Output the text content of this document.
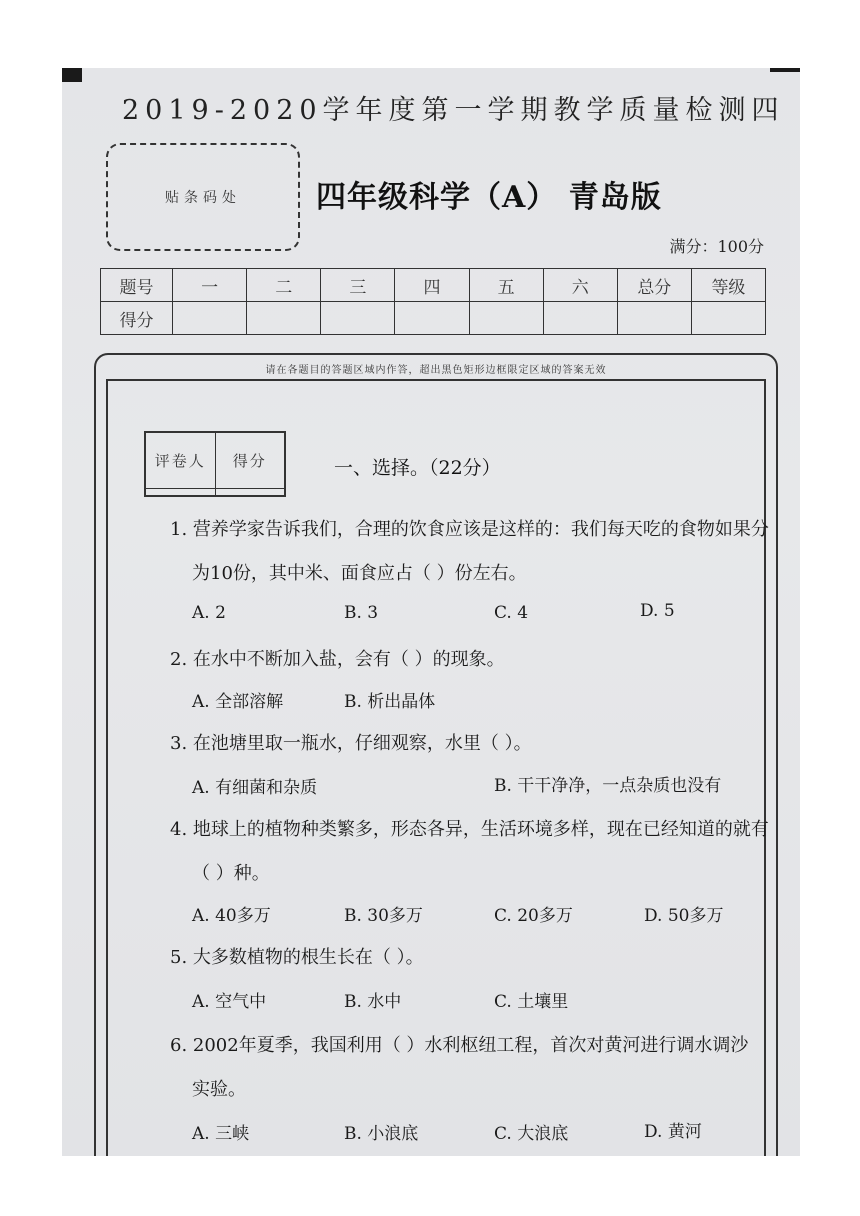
2019-2020学年度第一学期教学质量检测四
贴条码处	四年级科学（A） 青岛版
满分：100分
题号	一	二	三	四	五	六	总分	等级
得分								
请在各题目的答题区域内作答，超出黑色矩形边框限定区域的答案无效
评卷人	得分
		一、选择。（22分）
1. 营养学家告诉我们，合理的饮食应该是这样的：我们每天吃的食物如果分
为10份，其中米、面食应占（ ）份左右。
A. 2	B. 3	C. 4	D. 5
2. 在水中不断加入盐，会有（ ）的现象。
A. 全部溶解	B. 析出晶体
3. 在池塘里取一瓶水，仔细观察，水里（ ）。
A. 有细菌和杂质	B. 干干净净，一点杂质也没有
4. 地球上的植物种类繁多，形态各异，生活环境多样，现在已经知道的就有
（ ）种。
A. 40多万	B. 30多万	C. 20多万	D. 50多万
5. 大多数植物的根生长在（ ）。
A. 空气中	B. 水中	C. 土壤里
6. 2002年夏季，我国利用（ ）水利枢纽工程，首次对黄河进行调水调沙
实验。
A. 三峡	B. 小浪底	C. 大浪底	D. 黄河
